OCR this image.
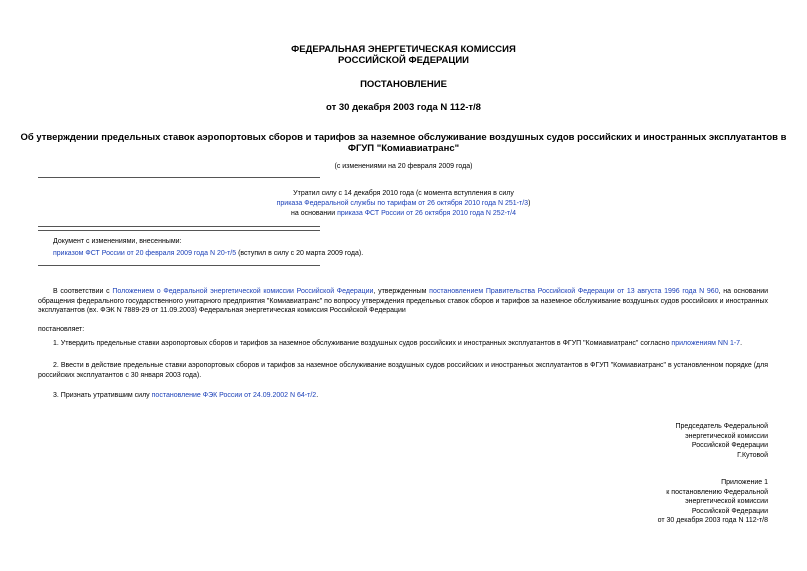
ФЕДЕРАЛЬНАЯ ЭНЕРГЕТИЧЕСКАЯ КОМИССИЯ
РОССИЙСКОЙ ФЕДЕРАЦИИ
ПОСТАНОВЛЕНИЕ
от 30 декабря 2003 года N 112-т/8
Об утверждении предельных ставок аэропортовых сборов и тарифов за наземное обслуживание воздушных судов российских и иностранных эксплуатантов в
ФГУП "Комиавиатранс"
(с изменениями на 20 февраля 2009 года)
Утратил силу с 14 декабря 2010 года (с момента вступления в силу
приказа Федеральной службы по тарифам от 26 октября 2010 года N 251-т/3)
на основании приказа ФСТ России от 26 октября 2010 года N 252-т/4
Документ с изменениями, внесенными:
приказом ФСТ России от 20 февраля 2009 года N 20-т/5 (вступил в силу с 20 марта 2009 года).
В соответствии с Положением о Федеральной энергетической комиссии Российской Федерации, утвержденным постановлением Правительства Российской Федерации от 13 августа 1996 года N 960, на основании обращения федерального государственного унитарного предприятия "Комиавиатранс" по вопросу утверждения предельных ставок сборов и тарифов за наземное обслуживание воздушных судов российских и иностранных эксплуатантов (вх. ФЭК N 7889-29 от 11.09.2003) Федеральная энергетическая комиссия Российской Федерации
постановляет:
1. Утвердить предельные ставки аэропортовых сборов и тарифов за наземное обслуживание воздушных судов российских и иностранных эксплуатантов в ФГУП "Комиавиатранс" согласно приложениям NN 1-7.
2. Ввести в действие предельные ставки аэропортовых сборов и тарифов за наземное обслуживание воздушных судов российских и иностранных эксплуатантов в ФГУП "Комиавиатранс" в установленном порядке (для российских эксплуатантов с 30 января 2003 года).
3. Признать утратившим силу постановление ФЭК России от 24.09.2002 N 64-т/2.
Председатель Федеральной
энергетической комиссии
Российской Федерации
Г.Кутовой
Приложение 1
к постановлению Федеральной
энергетической комиссии
Российской Федерации
от 30 декабря 2003 года N 112-т/8
